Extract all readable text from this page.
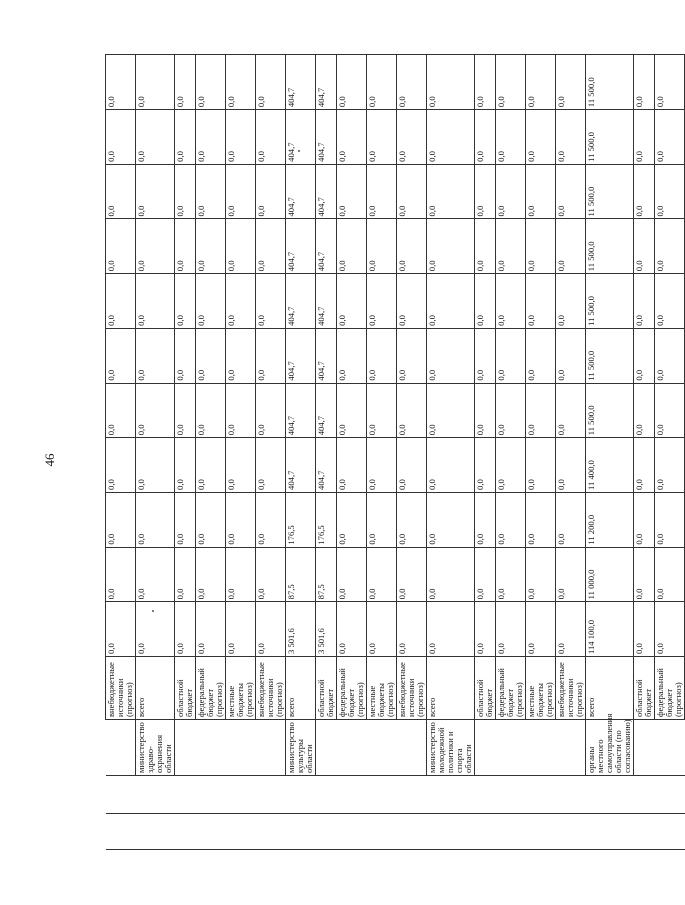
46
			внебюджетные источники (прогноз)	0,0	0,0	0,0	0,0	0,0	0,0	0,0	0,0	0,0	0,0	0,0
		министерство здраво-охранения области	всего	0,0	0,0	0,0	0,0	0,0	0,0	0,0	0,0	0,0	0,0	0,0
			областной бюджет	0,0	0,0	0,0	0,0	0,0	0,0	0,0	0,0	0,0	0,0	0,0
			федеральный бюджет (прогноз)	0,0	0,0	0,0	0,0	0,0	0,0	0,0	0,0	0,0	0,0	0,0
			местные бюджеты (прогноз)	0,0	0,0	0,0	0,0	0,0	0,0	0,0	0,0	0,0	0,0	0,0
			внебюджетные источники (прогноз)	0,0	0,0	0,0	0,0	0,0	0,0	0,0	0,0	0,0	0,0	0,0
		министерство культуры области	всего	3 501,6	87,5	176,5	404,7	404,7	404,7	404,7	404,7	404,7	404,7	404,7
			областной бюджет	3 501,6	87,5	176,5	404,7	404,7	404,7	404,7	404,7	404,7	404,7	404,7
			федеральный бюджет (прогноз)	0,0	0,0	0,0	0,0	0,0	0,0	0,0	0,0	0,0	0,0	0,0
			местные бюджеты (прогноз)	0,0	0,0	0,0	0,0	0,0	0,0	0,0	0,0	0,0	0,0	0,0
			внебюджетные источники (прогноз)	0,0	0,0	0,0	0,0	0,0	0,0	0,0	0,0	0,0	0,0	0,0
		министерство молодежной политики и спорта области	всего	0,0	0,0	0,0	0,0	0,0	0,0	0,0	0,0	0,0	0,0	0,0
			областной бюджет	0,0	0,0	0,0	0,0	0,0	0,0	0,0	0,0	0,0	0,0	0,0
			федеральный бюджет (прогноз)	0,0	0,0	0,0	0,0	0,0	0,0	0,0	0,0	0,0	0,0	0,0
			местные бюджеты (прогноз)	0,0	0,0	0,0	0,0	0,0	0,0	0,0	0,0	0,0	0,0	0,0
			внебюджетные источники (прогноз)	0,0	0,0	0,0	0,0	0,0	0,0	0,0	0,0	0,0	0,0	0,0
		органы местного самоуправления области (по согласованию)	всего	114 100,0	11 000,0	11 200,0	11 400,0	11 500,0	11 500,0	11 500,0	11 500,0	11 500,0	11 500,0	11 500,0
			областной бюджет	0,0	0,0	0,0	0,0	0,0	0,0	0,0	0,0	0,0	0,0	0,0
			федеральный бюджет (прогноз)	0,0	0,0	0,0	0,0	0,0	0,0	0,0	0,0	0,0	0,0	0,0
